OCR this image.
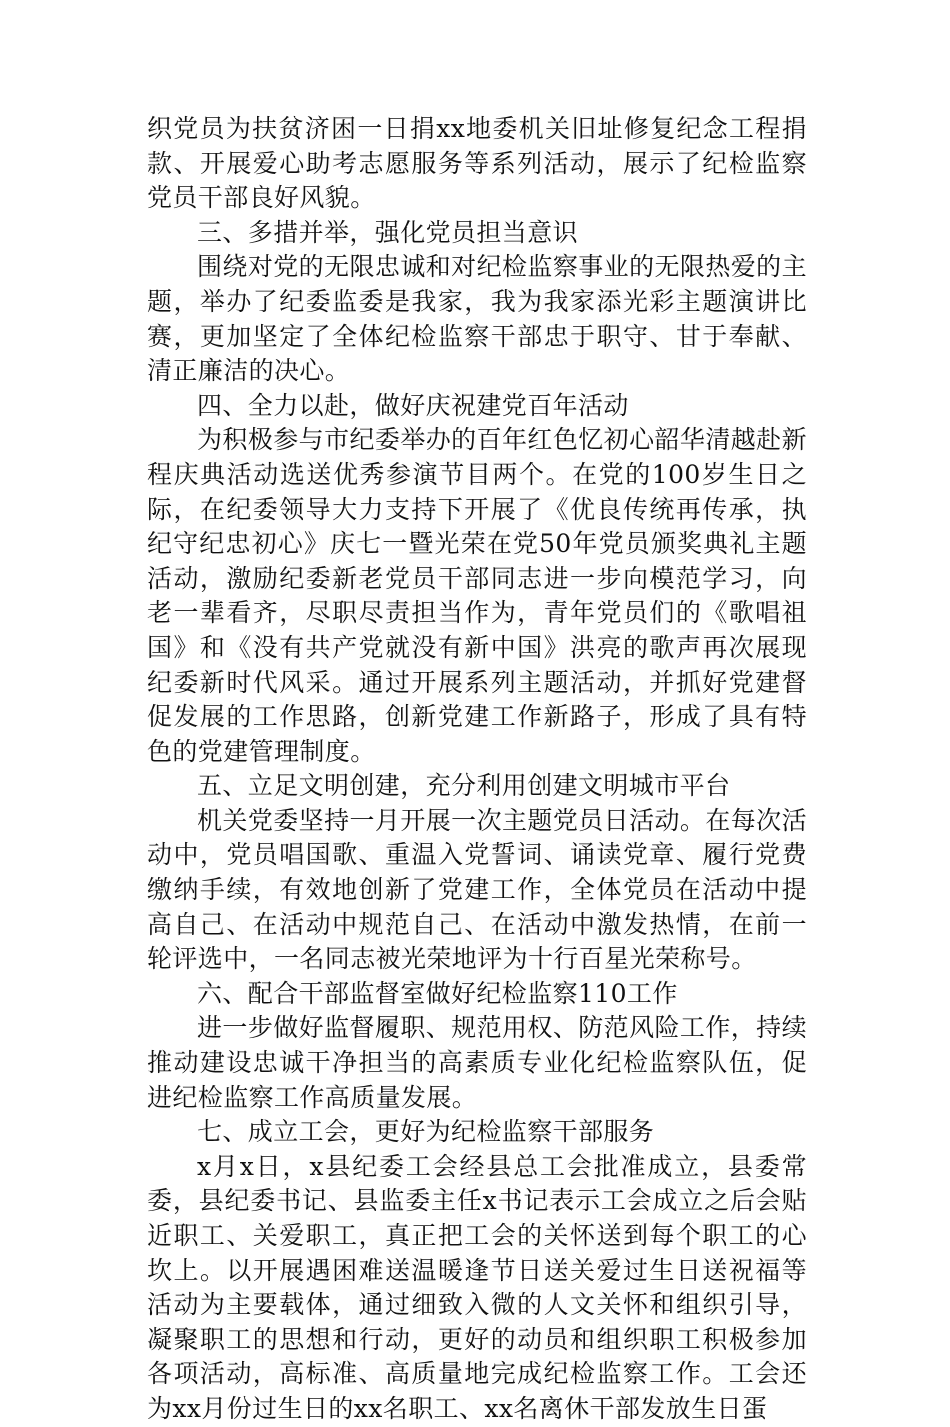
织党员为扶贫济困一日捐xx地委机关旧址修复纪念工程捐款、开展爱心助考志愿服务等系列活动，展示了纪检监察党员干部良好风貌。

三、多措并举，强化党员担当意识

围绕对党的无限忠诚和对纪检监察事业的无限热爱的主题，举办了纪委监委是我家，我为我家添光彩主题演讲比赛，更加坚定了全体纪检监察干部忠于职守、甘于奉献、清正廉洁的决心。

四、全力以赴，做好庆祝建党百年活动

为积极参与市纪委举办的百年红色忆初心韶华清越赴新程庆典活动选送优秀参演节目两个。在党的100岁生日之际，在纪委领导大力支持下开展了《优良传统再传承，执纪守纪忠初心》庆七一暨光荣在党50年党员颁奖典礼主题活动，激励纪委新老党员干部同志进一步向模范学习，向老一辈看齐，尽职尽责担当作为，青年党员们的《歌唱祖国》和《没有共产党就没有新中国》洪亮的歌声再次展现纪委新时代风采。通过开展系列主题活动，并抓好党建督促发展的工作思路，创新党建工作新路子，形成了具有特色的党建管理制度。

五、立足文明创建，充分利用创建文明城市平台

机关党委坚持一月开展一次主题党员日活动。在每次活动中，党员唱国歌、重温入党誓词、诵读党章、履行党费缴纳手续，有效地创新了党建工作，全体党员在活动中提高自己、在活动中规范自己、在活动中激发热情，在前一轮评选中，一名同志被光荣地评为十行百星光荣称号。

六、配合干部监督室做好纪检监察110工作

进一步做好监督履职、规范用权、防范风险工作，持续推动建设忠诚干净担当的高素质专业化纪检监察队伍，促进纪检监察工作高质量发展。

七、成立工会，更好为纪检监察干部服务

x月x日，x县纪委工会经县总工会批准成立，县委常委，县纪委书记、县监委主任x书记表示工会成立之后会贴近职工、关爱职工，真正把工会的关怀送到每个职工的心坎上。以开展遇困难送温暖逢节日送关爱过生日送祝福等活动为主要载体，通过细致入微的人文关怀和组织引导，凝聚职工的思想和行动，更好的动员和组织职工积极参加各项活动，高标准、高质量地完成纪检监察工作。工会还为xx月份过生日的xx名职工、xx名离休干部发放生日蛋
